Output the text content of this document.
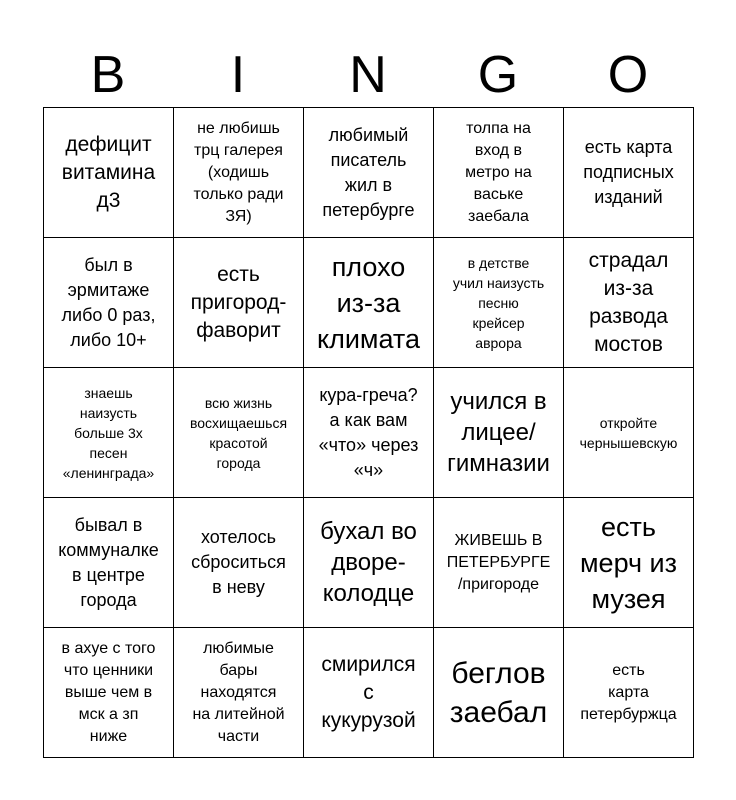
B	I	N	G	O
дефицит
витамина
д3
не любишь
трц галерея
(ходишь
только ради
ЗЯ)
любимый
писатель
жил в
петербурге
толпа на
вход в
метро на
ваське
заебала
есть карта
подписных
изданий
был в
эрмитаже
либо 0 раз,
либо 10+
есть
пригород-
фаворит
плохо
из-за
климата
в детстве
учил наизусть
песню
крейсер
аврора
страдал
из-за
развода
мостов
знаешь
наизусть
больше 3х
песен
«ленинграда»
всю жизнь
восхищаешься
красотой
города
кура-греча?
а как вам
«что» через
«ч»
учился в
лицее/
гимназии
откройте
чернышевскую
бывал в
коммуналке
в центре
города
хотелось
сброситься
в неву
бухал во
дворе-
колодце
ЖИВЕШЬ В
ПЕТЕРБУРГЕ
/пригороде
есть
мерч из
музея
в ахуе с того
что ценники
выше чем в
мск а зп
ниже
любимые
бары
находятся
на литейной
части
смирился
с
кукурузой
беглов
заебал
есть
карта
петербуржца
